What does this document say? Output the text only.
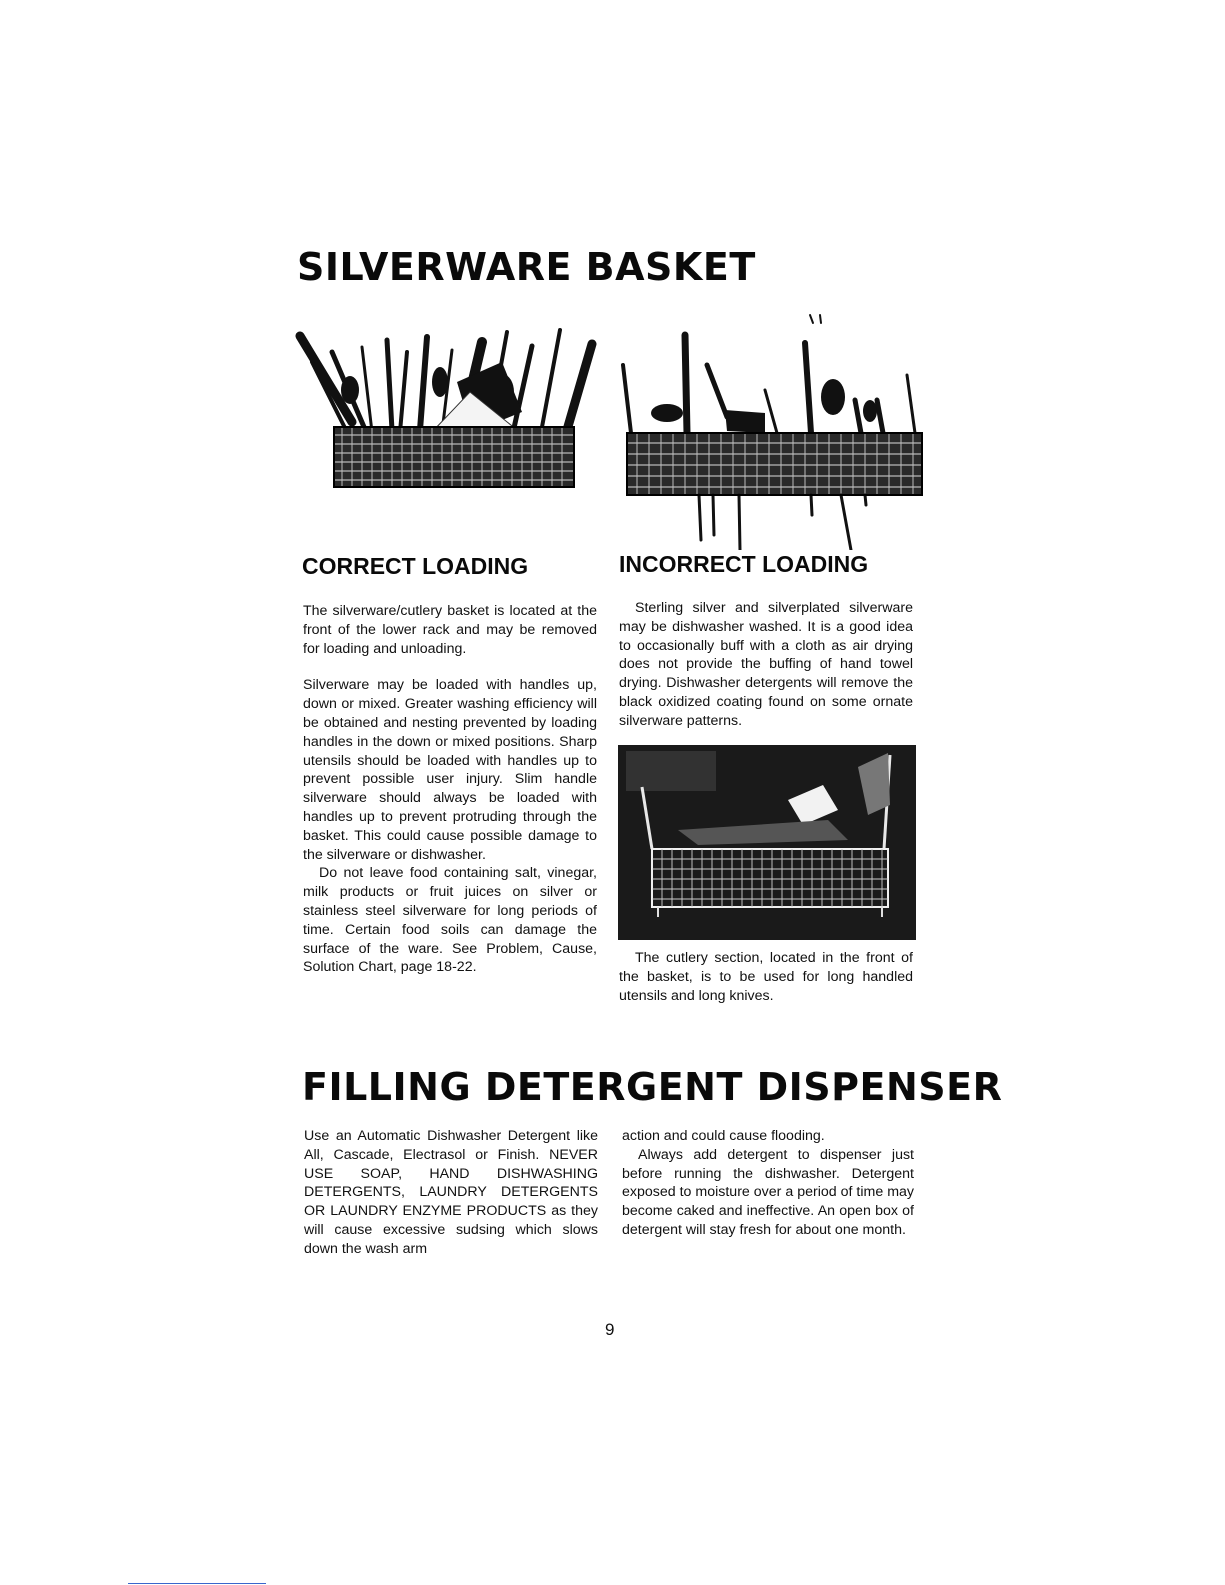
SILVERWARE BASKET
CORRECT LOADING	INCORRECT LOADING

The silverware/cutlery basket is located at the front of the lower rack and may be removed for loading and unloading.

Silverware may be loaded with handles up, down or mixed. Greater washing efficiency will be obtained and nesting prevented by loading handles in the down or mixed positions. Sharp utensils should be loaded with handles up to prevent possible user injury. Slim handle silverware should always be loaded with handles up to prevent protruding through the basket. This could cause possible damage to the silverware or dishwasher.

Do not leave food containing salt, vinegar, milk products or fruit juices on silver or stainless steel silverware for long periods of time. Certain food soils can damage the surface of the ware. See Problem, Cause, Solution Chart, page 18-22.

Sterling silver and silverplated silverware may be dishwasher washed. It is a good idea to occasionally buff with a cloth as air drying does not provide the buffing of hand towel drying. Dishwasher detergents will remove the black oxidized coating found on some ornate silverware patterns.

The cutlery section, located in the front of the basket, is to be used for long handled utensils and long knives.

FILLING DETERGENT DISPENSER

Use an Automatic Dishwasher Detergent like All, Cascade, Electrasol or Finish. NEVER USE SOAP, HAND DISHWASHING DETERGENTS, LAUNDRY DETERGENTS OR LAUNDRY ENZYME PRODUCTS as they will cause excessive sudsing which slows down the wash arm

action and could cause flooding.

Always add detergent to dispenser just before running the dishwasher. Detergent exposed to moisture over a period of time may become caked and ineffective. An open box of detergent will stay fresh for about one month.

9
